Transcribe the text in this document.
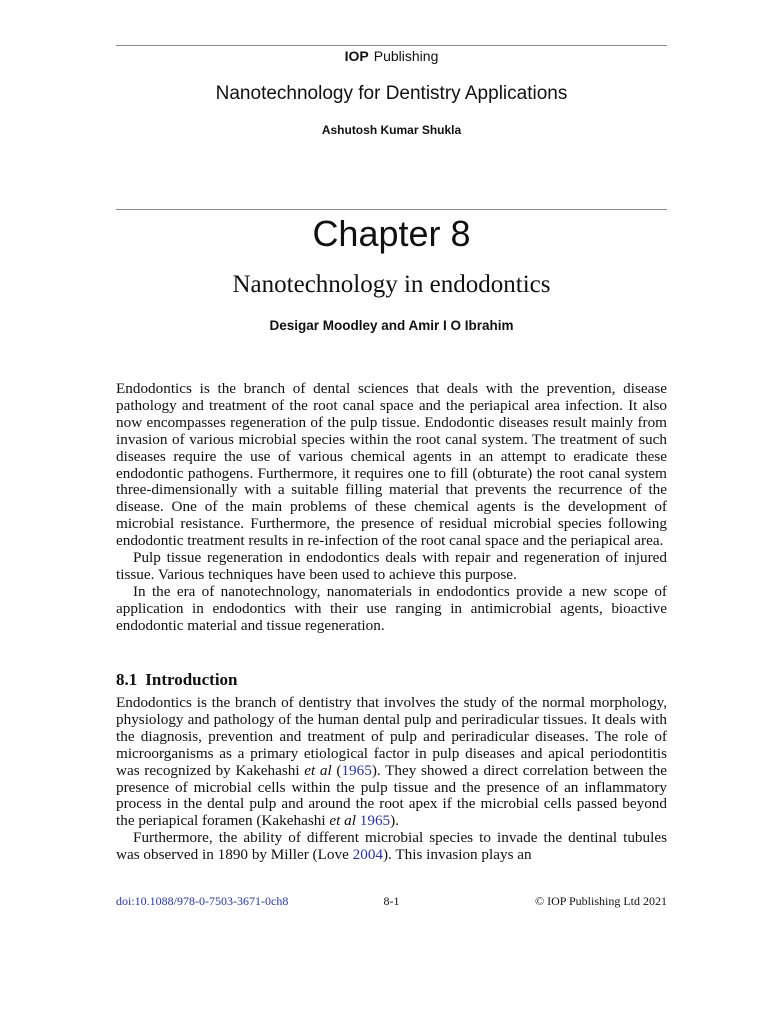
IOP Publishing
Nanotechnology for Dentistry Applications
Ashutosh Kumar Shukla
Chapter 8
Nanotechnology in endodontics
Desigar Moodley and Amir I O Ibrahim

Endodontics is the branch of dental sciences that deals with the prevention, disease pathology and treatment of the root canal space and the periapical area infection. It also now encompasses regeneration of the pulp tissue. Endodontic diseases result mainly from invasion of various microbial species within the root canal system. The treatment of such diseases require the use of various chemical agents in an attempt to eradicate these endodontic pathogens. Furthermore, it requires one to fill (obturate) the root canal system three-dimensionally with a suitable filling material that prevents the recurrence of the disease. One of the main problems of these chemical agents is the development of microbial resistance. Furthermore, the presence of residual microbial species following endodontic treatment results in re-infection of the root canal space and the periapical area.

Pulp tissue regeneration in endodontics deals with repair and regeneration of injured tissue. Various techniques have been used to achieve this purpose.

In the era of nanotechnology, nanomaterials in endodontics provide a new scope of application in endodontics with their use ranging in antimicrobial agents, bioactive endodontic material and tissue regeneration.

8.1 Introduction

Endodontics is the branch of dentistry that involves the study of the normal morphology, physiology and pathology of the human dental pulp and periradicular tissues. It deals with the diagnosis, prevention and treatment of pulp and periradicular diseases. The role of microorganisms as a primary etiological factor in pulp diseases and apical periodontitis was recognized by Kakehashi et al (1965). They showed a direct correlation between the presence of microbial cells within the pulp tissue and the presence of an inflammatory process in the dental pulp and around the root apex if the microbial cells passed beyond the periapical foramen (Kakehashi et al 1965).

Furthermore, the ability of different microbial species to invade the dentinal tubules was observed in 1890 by Miller (Love 2004). This invasion plays an

doi:10.1088/978-0-7503-3671-0ch8	8-1	© IOP Publishing Ltd 2021
